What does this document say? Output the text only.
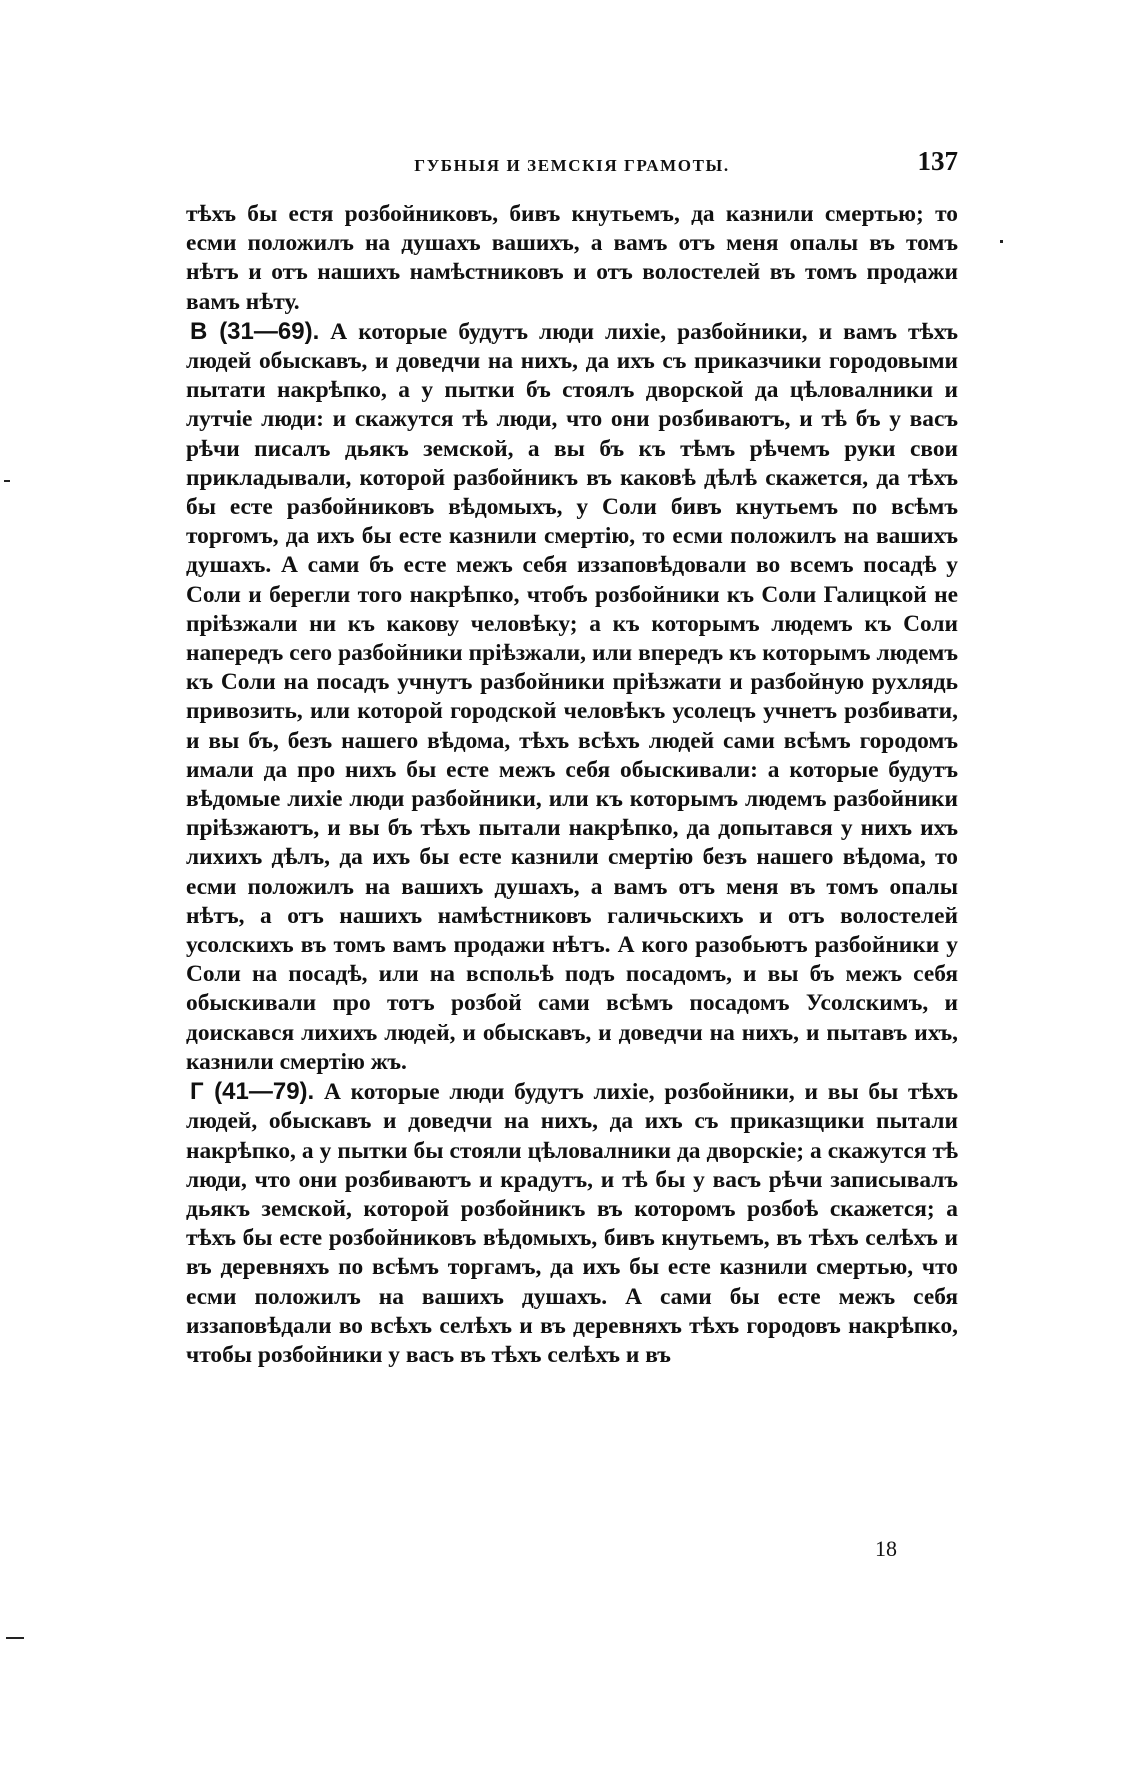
ГУБНЫЯ И ЗЕМСКІЯ ГРАМОТЫ.	137

тѣхъ бы естя розбойниковъ, бивъ кнутьемъ, да казнили смертью; то есми положилъ на душахъ вашихъ, а вамъ отъ меня опалы въ томъ нѣтъ и отъ нашихъ намѣстниковъ и отъ волостелей въ томъ продажи вамъ нѣту.

В (31—69). А которые будутъ люди лихіе, разбойники, и вамъ тѣхъ людей обыскавъ, и доведчи на нихъ, да ихъ съ приказчики городовыми пытати накрѣпко, а у пытки бъ стоялъ дворской да цѣловалники и лутчіе люди: и скажутся тѣ люди, что они розбиваютъ, и тѣ бъ у васъ рѣчи писалъ дьякъ земской, а вы бъ къ тѣмъ рѣчемъ руки свои прикладывали, которой разбойникъ въ каковѣ дѣлѣ скажется, да тѣхъ бы есте разбойниковъ вѣдомыхъ, у Соли бивъ кнутьемъ по всѣмъ торгомъ, да ихъ бы есте казнили смертію, то есми положилъ на вашихъ душахъ. А сами бъ есте межъ себя иззаповѣдовали во всемъ посадѣ у Соли и берегли того накрѣпко, чтобъ розбойники къ Соли Галицкой не пріѣзжали ни къ какову человѣку; а къ которымъ людемъ къ Соли напередъ сего разбойники пріѣзжали, или впередъ къ которымъ людемъ къ Соли на посадъ учнутъ разбойники пріѣзжати и разбойную рухлядь привозить, или которой городской человѣкъ усолецъ учнетъ розбивати, и вы бъ, безъ нашего вѣдома, тѣхъ всѣхъ людей сами всѣмъ городомъ имали да про нихъ бы есте межъ себя обыскивали: а которые будутъ вѣдомые лихіе люди разбойники, или къ которымъ людемъ разбойники пріѣзжаютъ, и вы бъ тѣхъ пытали накрѣпко, да допытався у нихъ ихъ лихихъ дѣлъ, да ихъ бы есте казнили смертію безъ нашего вѣдома, то есми положилъ на вашихъ душахъ, а вамъ отъ меня въ томъ опалы нѣтъ, а отъ нашихъ намѣстниковъ галичьскихъ и отъ волостелей усолскихъ въ томъ вамъ продажи нѣтъ. А кого разобьютъ разбойники у Соли на посадѣ, или на вспольѣ подъ посадомъ, и вы бъ межъ себя обыскивали про тотъ розбой сами всѣмъ посадомъ Усолскимъ, и доискався лихихъ людей, и обыскавъ, и доведчи на нихъ, и пытавъ ихъ, казнили смертію жъ.

Г (41—79). А которые люди будутъ лихіе, розбойники, и вы бы тѣхъ людей, обыскавъ и доведчи на нихъ, да ихъ съ приказщики пытали накрѣпко, а у пытки бы стояли цѣловалники да дворскіе; а скажутся тѣ люди, что они розбиваютъ и крадутъ, и тѣ бы у васъ рѣчи записывалъ дьякъ земской, которой розбойникъ въ которомъ розбоѣ скажется; а тѣхъ бы есте розбойниковъ вѣдомыхъ, бивъ кнутьемъ, въ тѣхъ селѣхъ и въ деревняхъ по всѣмъ торгамъ, да ихъ бы есте казнили смертью, что есми положилъ на вашихъ душахъ. А сами бы есте межъ себя иззаповѣдали во всѣхъ селѣхъ и въ деревняхъ тѣхъ городовъ накрѣпко, чтобы розбойники у васъ въ тѣхъ селѣхъ и въ

18
